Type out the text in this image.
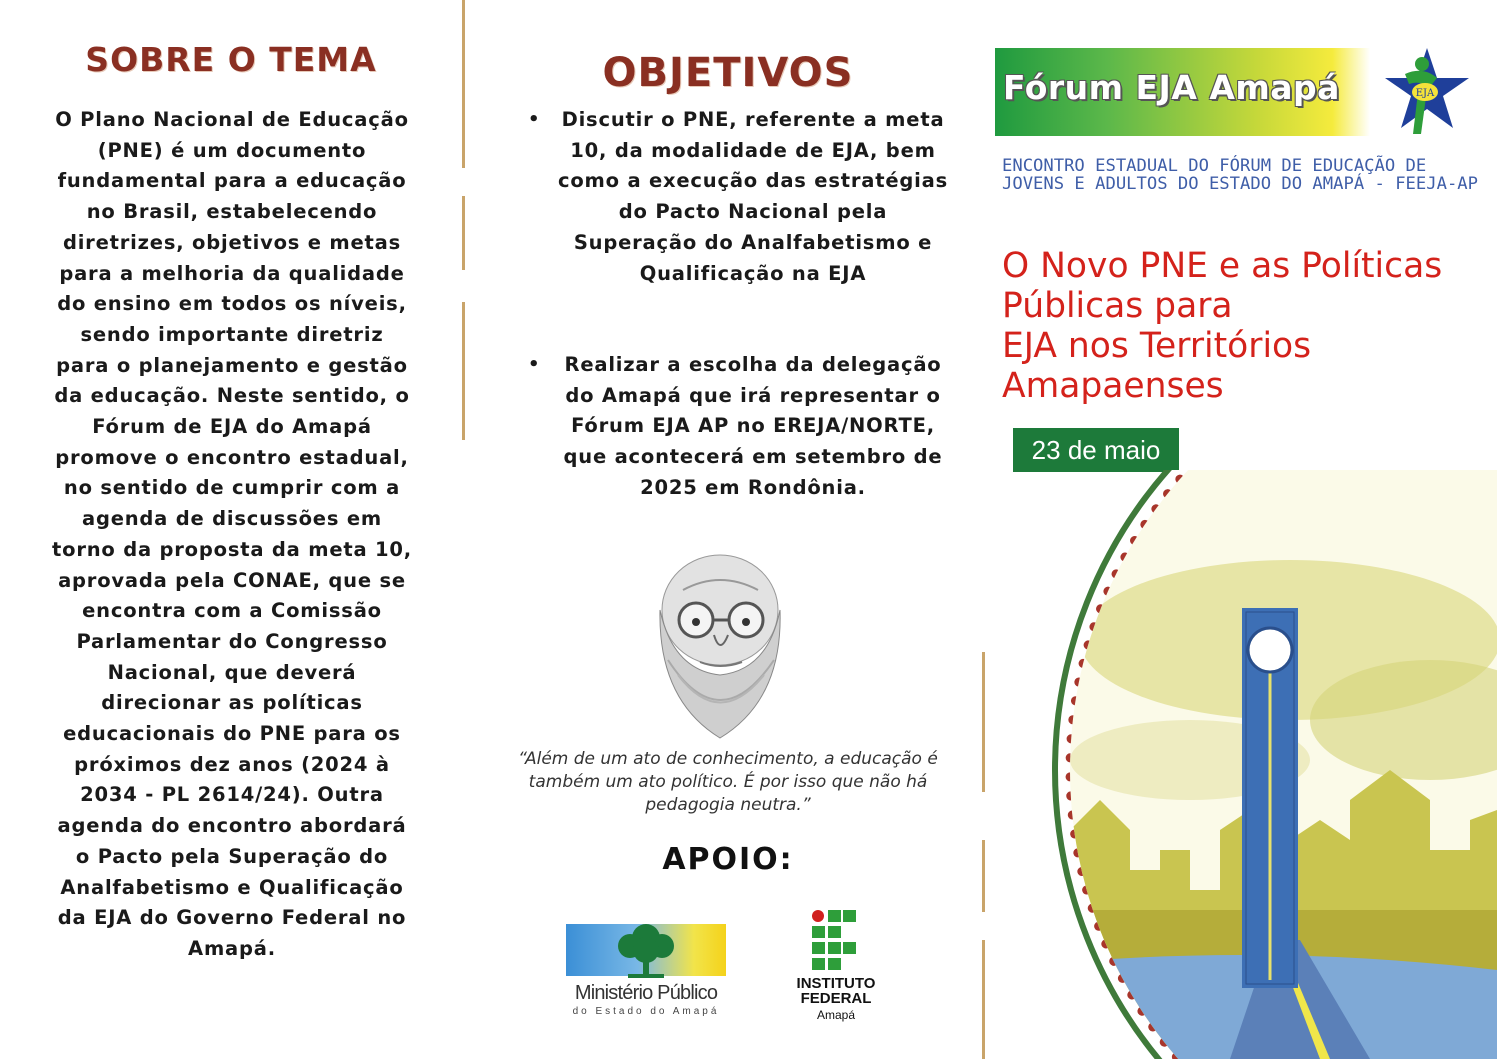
SOBRE O TEMA

O Plano Nacional de Educação (PNE) é um documento fundamental para a educação no Brasil, estabelecendo diretrizes, objetivos e metas para a melhoria da qualidade do ensino em todos os níveis, sendo importante diretriz para o planejamento e gestão da educação. Neste sentido, o Fórum de EJA do Amapá promove o encontro estadual, no sentido de cumprir com a agenda de discussões em torno da proposta da meta 10, aprovada pela CONAE, que se encontra com a Comissão Parlamentar do Congresso Nacional, que deverá direcionar as políticas educacionais do PNE para os próximos dez anos (2024 à 2034 - PL 2614/24). Outra agenda do encontro abordará o Pacto pela Superação do Analfabetismo e Qualificação da EJA do Governo Federal no Amapá.

OBJETIVOS
• Discutir o PNE, referente a meta 10, da modalidade de EJA, bem como a execução das estratégias do Pacto Nacional pela Superação do Analfabetismo e Qualificação na EJA
• Realizar a escolha da delegação do Amapá que irá representar o Fórum EJA AP no EREJA/NORTE, que acontecerá em setembro de 2025 em Rondônia.

“Além de um ato de conhecimento, a educação é também um ato político. É por isso que não há pedagogia neutra.”

APOIO:
Ministério Público
do Estado do Amapá
INSTITUTO
FEDERAL
Amapá
Fórum EJA Amapá	EJA
ENCONTRO ESTADUAL DO FÓRUM DE EDUCAÇÃO DE
JOVENS E ADULTOS DO ESTADO DO AMAPÁ - FEEJA-AP
O Novo PNE e as Políticas
Públicas para
EJA nos Territórios
Amapaenses
23 de maio
